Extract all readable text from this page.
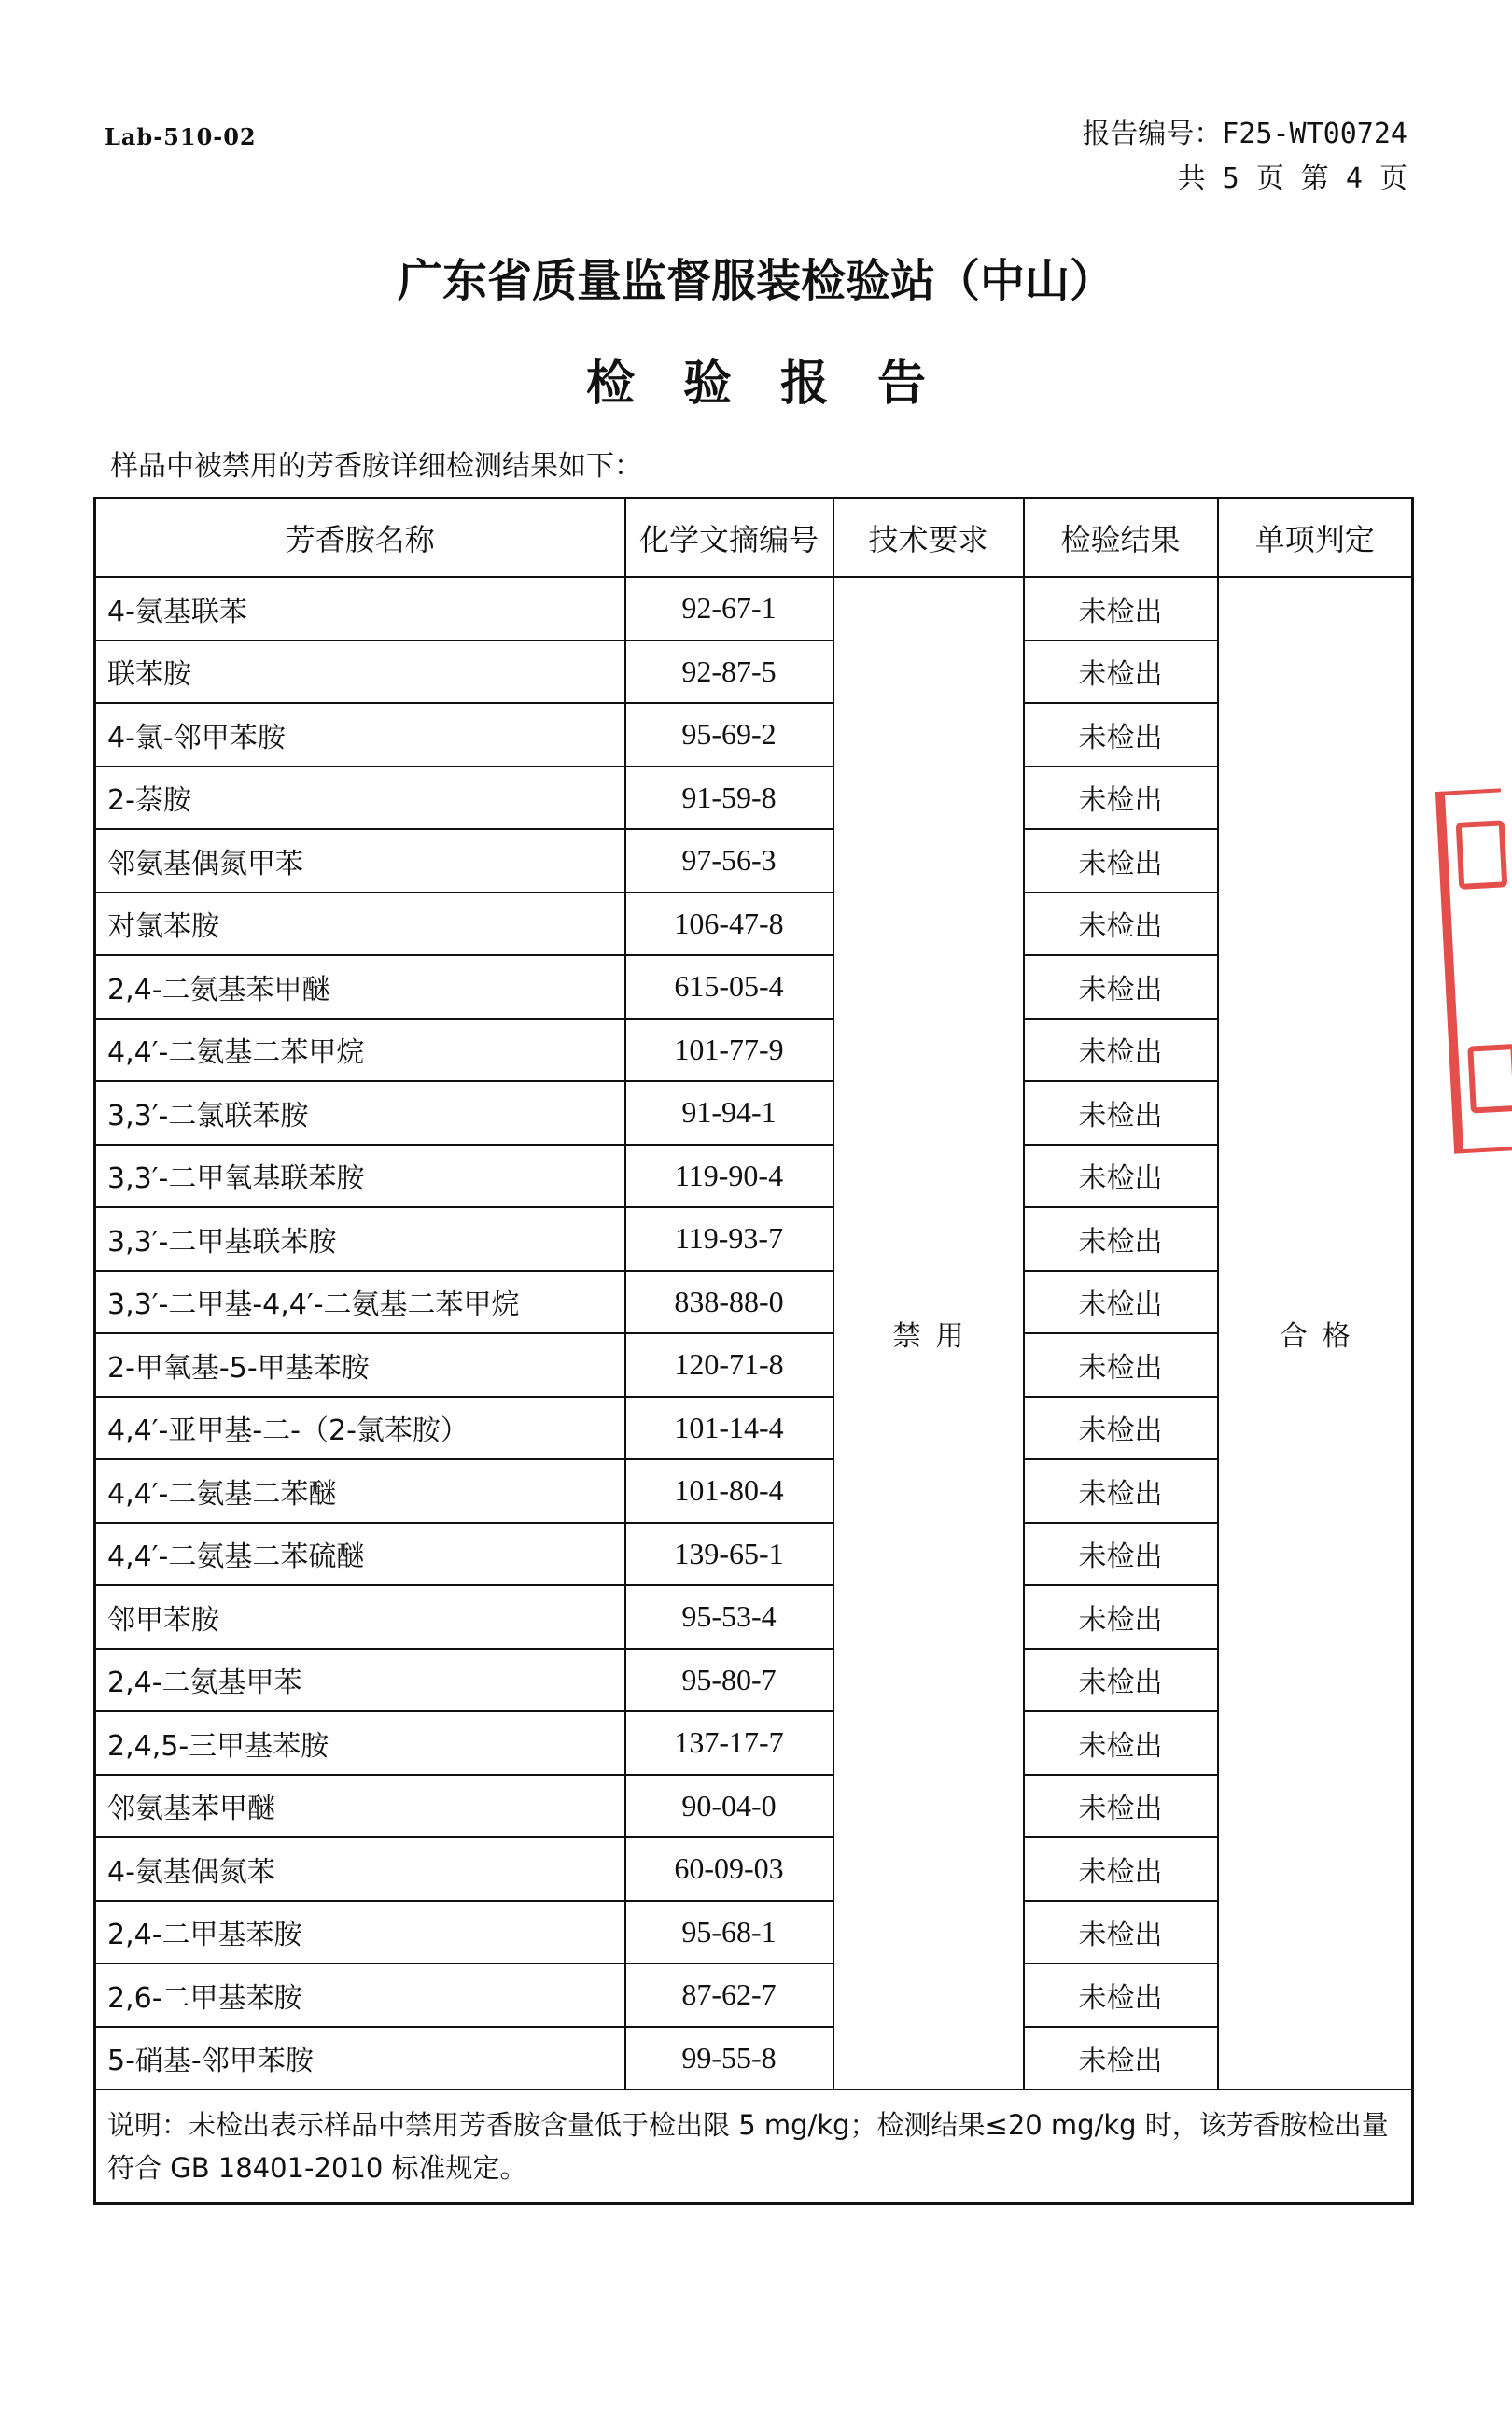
Lab-510-02	报告编号：F25-WT00724
共 5 页 第 4 页
广东省质量监督服装检验站（中山）
检验报告
样品中被禁用的芳香胺详细检测结果如下：
芳香胺名称	化学文摘编号	技术要求	检验结果	单项判定
4-氨基联苯	92-67-1	禁用	未检出	合格
联苯胺	92-87-5		未检出	
4-氯-邻甲苯胺	95-69-2		未检出	
2-萘胺	91-59-8		未检出	
邻氨基偶氮甲苯	97-56-3		未检出	
对氯苯胺	106-47-8		未检出	
2,4-二氨基苯甲醚	615-05-4		未检出	
4,4′-二氨基二苯甲烷	101-77-9		未检出	
3,3′-二氯联苯胺	91-94-1		未检出	
3,3′-二甲氧基联苯胺	119-90-4		未检出	
3,3′-二甲基联苯胺	119-93-7		未检出	
3,3′-二甲基-4,4′-二氨基二苯甲烷	838-88-0		未检出	
2-甲氧基-5-甲基苯胺	120-71-8		未检出	
4,4′-亚甲基-二-（2-氯苯胺）	101-14-4		未检出	
4,4′-二氨基二苯醚	101-80-4		未检出	
4,4′-二氨基二苯硫醚	139-65-1		未检出	
邻甲苯胺	95-53-4		未检出	
2,4-二氨基甲苯	95-80-7		未检出	
2,4,5-三甲基苯胺	137-17-7		未检出	
邻氨基苯甲醚	90-04-0		未检出	
4-氨基偶氮苯	60-09-03		未检出	
2,4-二甲基苯胺	95-68-1		未检出	
2,6-二甲基苯胺	87-62-7		未检出	
5-硝基-邻甲苯胺	99-55-8		未检出	
说明：未检出表示样品中禁用芳香胺含量低于检出限 5 mg/kg；检测结果≤20 mg/kg 时，该芳香胺检出量符合 GB 18401-2010 标准规定。				
